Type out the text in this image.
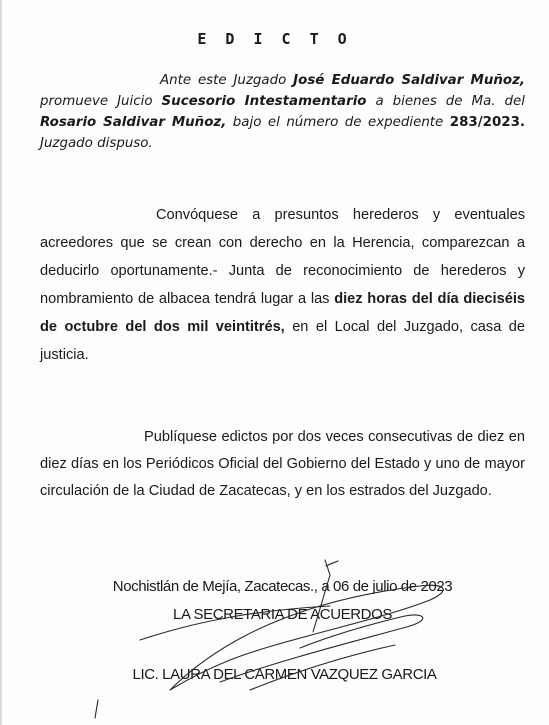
E D I C T O

Ante este Juzgado José Eduardo Saldivar Muñoz, promueve Juicio Sucesorio Intestamentario a bienes de Ma. del Rosario Saldivar Muñoz, bajo el número de expediente 283/2023. Juzgado dispuso.

Convóquese a presuntos herederos y eventuales acreedores que se crean con derecho en la Herencia, comparezcan a deducirlo oportunamente.- Junta de reconocimiento de herederos y nombramiento de albacea tendrá lugar a las diez horas del día dieciséis de octubre del dos mil veintitrés, en el Local del Juzgado, casa de justicia.

Publíquese edictos por dos veces consecutivas de diez en diez días en los Periódicos Oficial del Gobierno del Estado y uno de mayor circulación de la Ciudad de Zacatecas, y en los estrados del Juzgado.

Nochistlán de Mejía, Zacatecas., a 06 de julio de 2023
LA SECRETARIA DE ACUERDOS
LIC. LAURA DEL CARMEN VAZQUEZ GARCIA
